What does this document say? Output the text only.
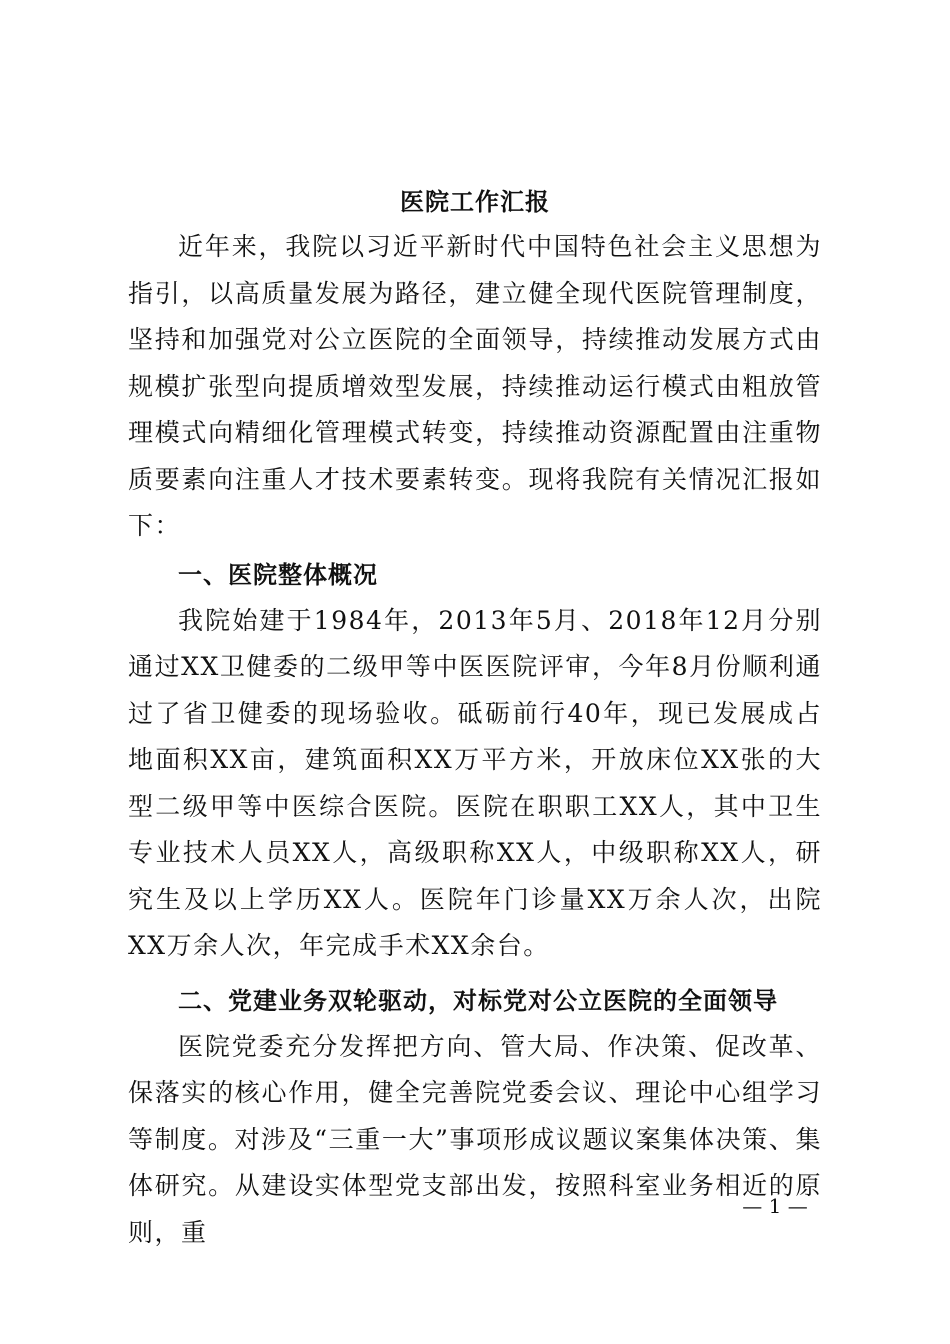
医院工作汇报

近年来，我院以习近平新时代中国特色社会主义思想为指引，以高质量发展为路径，建立健全现代医院管理制度，坚持和加强党对公立医院的全面领导，持续推动发展方式由规模扩张型向提质增效型发展，持续推动运行模式由粗放管理模式向精细化管理模式转变，持续推动资源配置由注重物质要素向注重人才技术要素转变。现将我院有关情况汇报如下：

一、医院整体概况

我院始建于1984年，2013年5月、2018年12月分别通过XX卫健委的二级甲等中医医院评审，今年8月份顺利通过了省卫健委的现场验收。砥砺前行40年，现已发展成占地面积XX亩，建筑面积XX万平方米，开放床位XX张的大型二级甲等中医综合医院。医院在职职工XX人，其中卫生专业技术人员XX人，高级职称XX人，中级职称XX人，研究生及以上学历XX人。医院年门诊量XX万余人次，出院XX万余人次，年完成手术XX余台。

二、党建业务双轮驱动，对标党对公立医院的全面领导

医院党委充分发挥把方向、管大局、作决策、促改革、保落实的核心作用，健全完善院党委会议、理论中心组学习等制度。对涉及“三重一大”事项形成议题议案集体决策、集体研究。从建设实体型党支部出发，按照科室业务相近的原则，重

— 1 —
